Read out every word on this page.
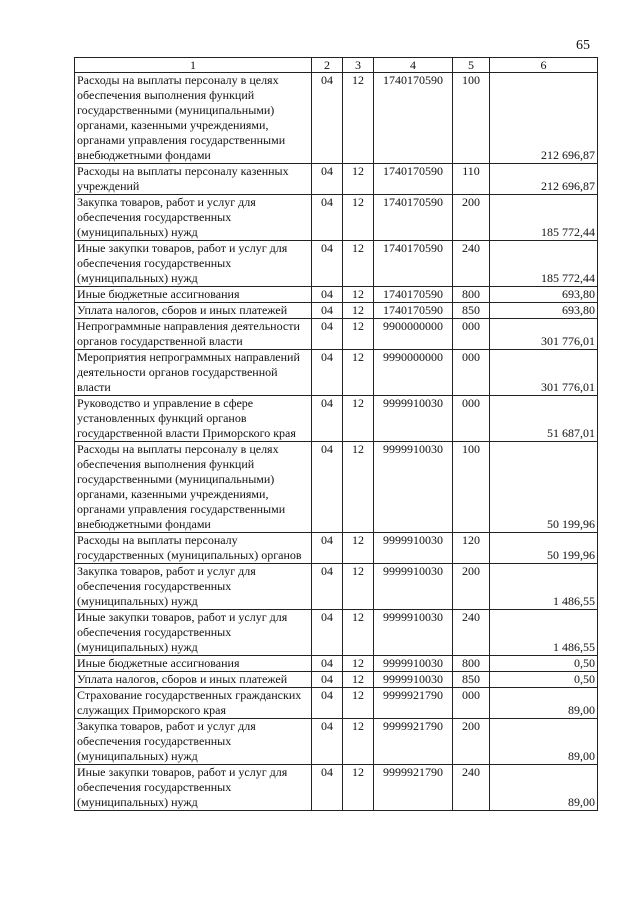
65
1	2	3	4	5	6
Расходы на выплаты персоналу в целях обеспечения выполнения функций государственными (муниципальными) органами, казенными учреждениями, органами управления государственными внебюджетными фондами	04	12	1740170590	100	212 696,87
Расходы на выплаты персоналу казенных учреждений	04	12	1740170590	110	212 696,87
Закупка товаров, работ и услуг для обеспечения государственных (муниципальных) нужд	04	12	1740170590	200	185 772,44
Иные закупки товаров, работ и услуг для обеспечения государственных (муниципальных) нужд	04	12	1740170590	240	185 772,44
Иные бюджетные ассигнования	04	12	1740170590	800	693,80
Уплата налогов, сборов и иных платежей	04	12	1740170590	850	693,80
Непрограммные направления деятельности органов государственной власти	04	12	9900000000	000	301 776,01
Мероприятия непрограммных направлений деятельности органов государственной власти	04	12	9990000000	000	301 776,01
Руководство и управление в сфере установленных функций органов государственной власти Приморского края	04	12	9999910030	000	51 687,01
Расходы на выплаты персоналу в целях обеспечения выполнения функций государственными (муниципальными) органами, казенными учреждениями, органами управления государственными внебюджетными фондами	04	12	9999910030	100	50 199,96
Расходы на выплаты персоналу государственных (муниципальных) органов	04	12	9999910030	120	50 199,96
Закупка товаров, работ и услуг для обеспечения государственных (муниципальных) нужд	04	12	9999910030	200	1 486,55
Иные закупки товаров, работ и услуг для обеспечения государственных (муниципальных) нужд	04	12	9999910030	240	1 486,55
Иные бюджетные ассигнования	04	12	9999910030	800	0,50
Уплата налогов, сборов и иных платежей	04	12	9999910030	850	0,50
Страхование государственных гражданских служащих Приморского края	04	12	9999921790	000	89,00
Закупка товаров, работ и услуг для обеспечения государственных (муниципальных) нужд	04	12	9999921790	200	89,00
Иные закупки товаров, работ и услуг для обеспечения государственных (муниципальных) нужд	04	12	9999921790	240	89,00
